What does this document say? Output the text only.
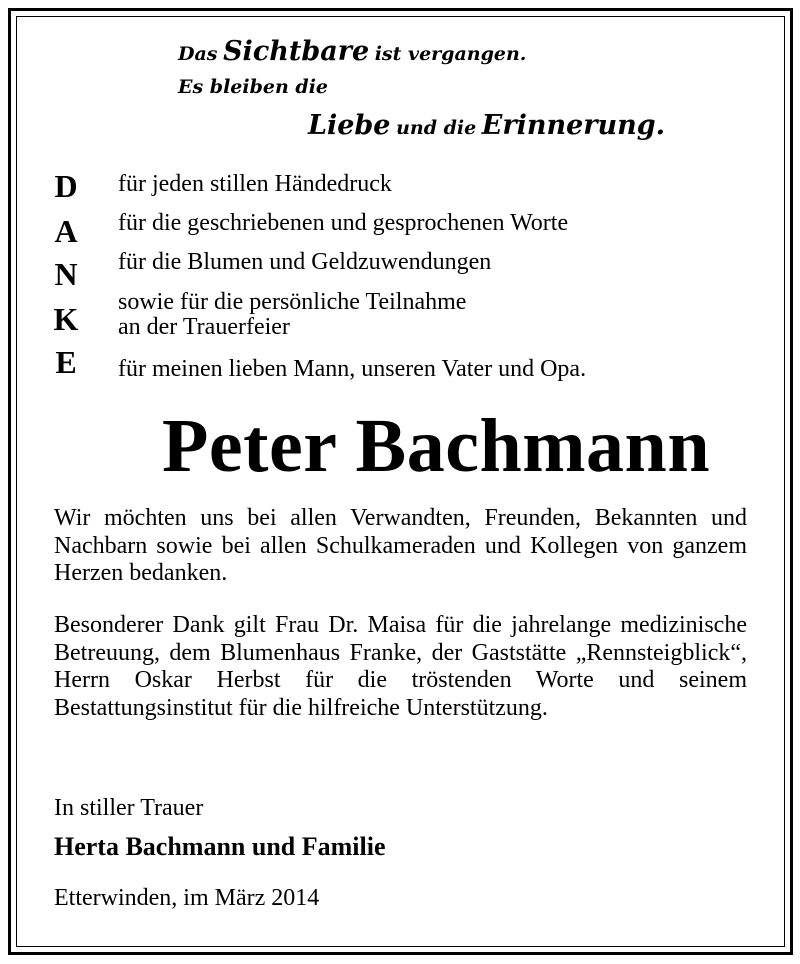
Das Sichtbare ist vergangen.
Es bleiben die
Liebe und die Erinnerung.
D
A
N
K
E
für jeden stillen Händedruck
für die geschriebenen und gesprochenen Worte
für die Blumen und Geldzuwendungen
sowie für die persönliche Teilnahme
an der Trauerfeier
für meinen lieben Mann, unseren Vater und Opa.
Peter Bachmann
Wir möchten uns bei allen Verwandten, Freunden, Bekannten und Nachbarn sowie bei allen Schulkameraden und Kollegen von ganzem Herzen bedanken.
Besonderer Dank gilt Frau Dr. Maisa für die jahrelange medizinische Betreuung, dem Blumenhaus Franke, der Gaststätte „Rennsteigblick“, Herrn Oskar Herbst für die tröstenden Worte und seinem Bestattungsinstitut für die hilfreiche Unterstützung.
In stiller Trauer
Herta Bachmann und Familie
Etterwinden, im März 2014
